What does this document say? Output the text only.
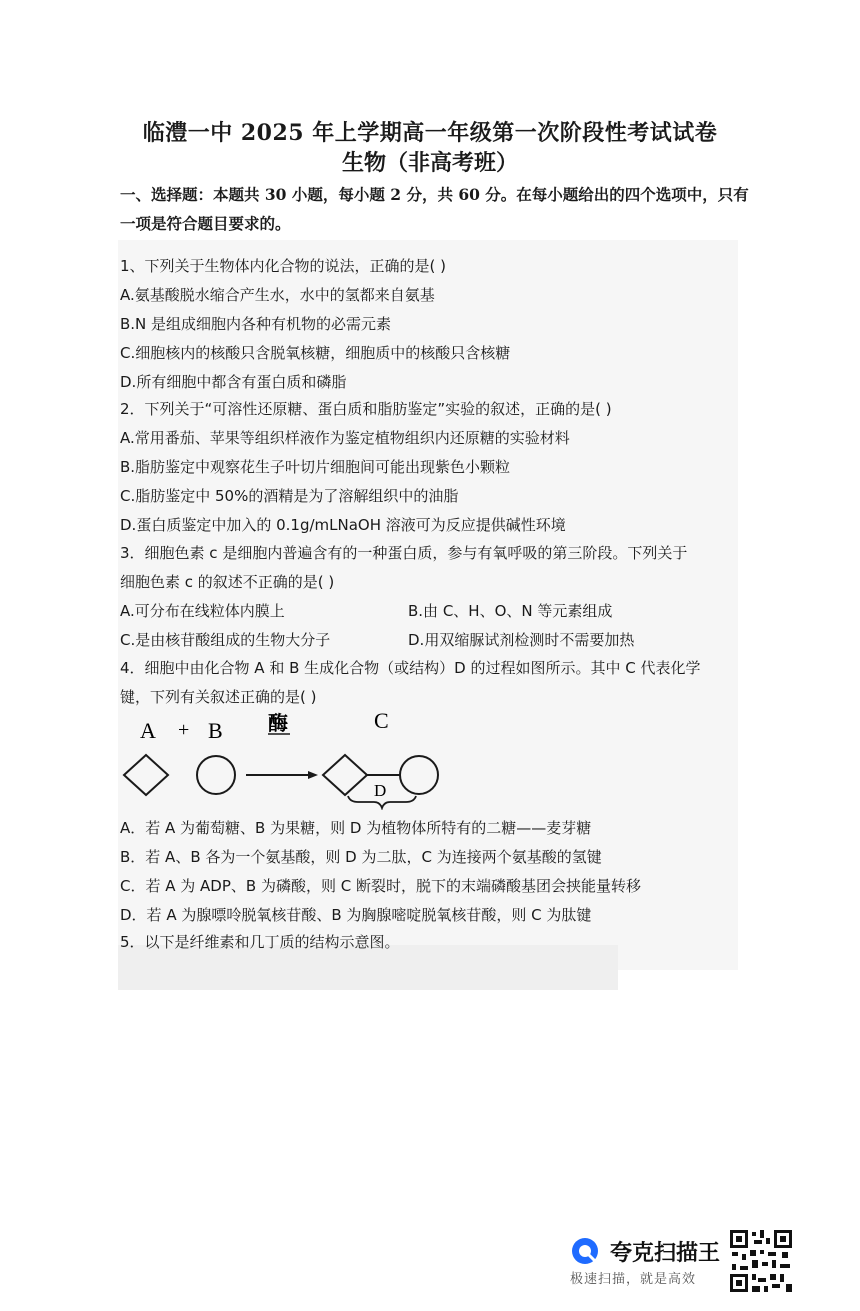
临澧一中 2025 年上学期高一年级第一次阶段性考试试卷
生物（非高考班）
一、选择题：本题共 30 小题，每小题 2 分，共 60 分。在每小题给出的四个选项中，只有一项是符合题目要求的。
1、下列关于生物体内化合物的说法，正确的是( )
A.氨基酸脱水缩合产生水，水中的氢都来自氨基
B.N 是组成细胞内各种有机物的必需元素
C.细胞核内的核酸只含脱氧核糖，细胞质中的核酸只含核糖
D.所有细胞中都含有蛋白质和磷脂
2．下列关于“可溶性还原糖、蛋白质和脂肪鉴定”实验的叙述，正确的是( )
A.常用番茄、苹果等组织样液作为鉴定植物组织内还原糖的实验材料
B.脂肪鉴定中观察花生子叶切片细胞间可能出现紫色小颗粒
C.脂肪鉴定中 50%的酒精是为了溶解组织中的油脂
D.蛋白质鉴定中加入的 0.1g/mLNaOH 溶液可为反应提供碱性环境
3．细胞色素 c 是细胞内普遍含有的一种蛋白质，参与有氧呼吸的第三阶段。下列关于
细胞色素 c 的叙述不正确的是( )
A.可分布在线粒体内膜上	B.由 C、H、O、N 等元素组成
C.是由核苷酸组成的生物大分子	D.用双缩脲试剂检测时不需要加热
4．细胞中由化合物 A 和 B 生成化合物（或结构）D 的过程如图所示。其中 C 代表化学
键，下列有关叙述正确的是( )
A + B 酶	C
D
A．若 A 为葡萄糖、B 为果糖，则 D 为植物体所特有的二糖——麦芽糖
B．若 A、B 各为一个氨基酸，则 D 为二肽，C 为连接两个氨基酸的氢键
C．若 A 为 ADP、B 为磷酸，则 C 断裂时，脱下的末端磷酸基团会挟能量转移
D．若 A 为腺嘌呤脱氧核苷酸、B 为胸腺嘧啶脱氧核苷酸，则 C 为肽键
5．以下是纤维素和几丁质的结构示意图。
夸克扫描王
极速扫描，就是高效
